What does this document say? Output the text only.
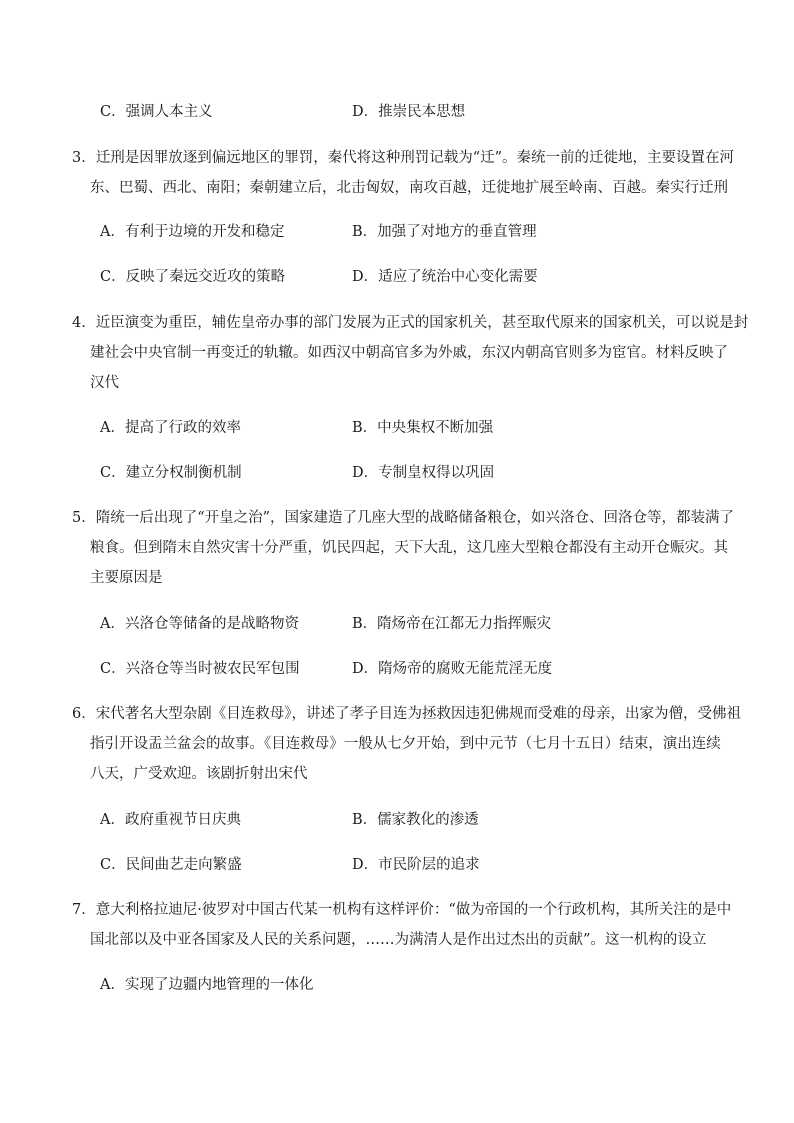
C．强调人本主义	D．推崇民本思想
3．迁刑是因罪放逐到偏远地区的罪罚，秦代将这种刑罚记载为“迁”。秦统一前的迁徙地，主要设置在河
东、巴蜀、西北、南阳；秦朝建立后，北击匈奴，南攻百越，迁徙地扩展至岭南、百越。秦实行迁刑
A．有利于边境的开发和稳定	B．加强了对地方的垂直管理
C．反映了秦远交近攻的策略	D．适应了统治中心变化需要
4．近臣演变为重臣，辅佐皇帝办事的部门发展为正式的国家机关，甚至取代原来的国家机关，可以说是封
建社会中央官制一再变迁的轨辙。如西汉中朝高官多为外戚，东汉内朝高官则多为宦官。材料反映了
汉代
A．提高了行政的效率	B．中央集权不断加强
C．建立分权制衡机制	D．专制皇权得以巩固
5．隋统一后出现了“开皇之治”，国家建造了几座大型的战略储备粮仓，如兴洛仓、回洛仓等，都装满了
粮食。但到隋末自然灾害十分严重，饥民四起，天下大乱，这几座大型粮仓都没有主动开仓赈灾。其
主要原因是
A．兴洛仓等储备的是战略物资	B．隋炀帝在江都无力指挥赈灾
C．兴洛仓等当时被农民军包围	D．隋炀帝的腐败无能荒淫无度
6．宋代著名大型杂剧《目连救母》，讲述了孝子目连为拯救因违犯佛规而受难的母亲，出家为僧，受佛祖
指引开设盂兰盆会的故事。《目连救母》一般从七夕开始，到中元节（七月十五日）结束，演出连续
八天，广受欢迎。该剧折射出宋代
A．政府重视节日庆典	B．儒家教化的渗透
C．民间曲艺走向繁盛	D．市民阶层的追求
7．意大利格拉迪尼·彼罗对中国古代某一机构有这样评价：“做为帝国的一个行政机构，其所关注的是中
国北部以及中亚各国家及人民的关系问题，……为满清人是作出过杰出的贡献”。这一机构的设立
A．实现了边疆内地管理的一体化
